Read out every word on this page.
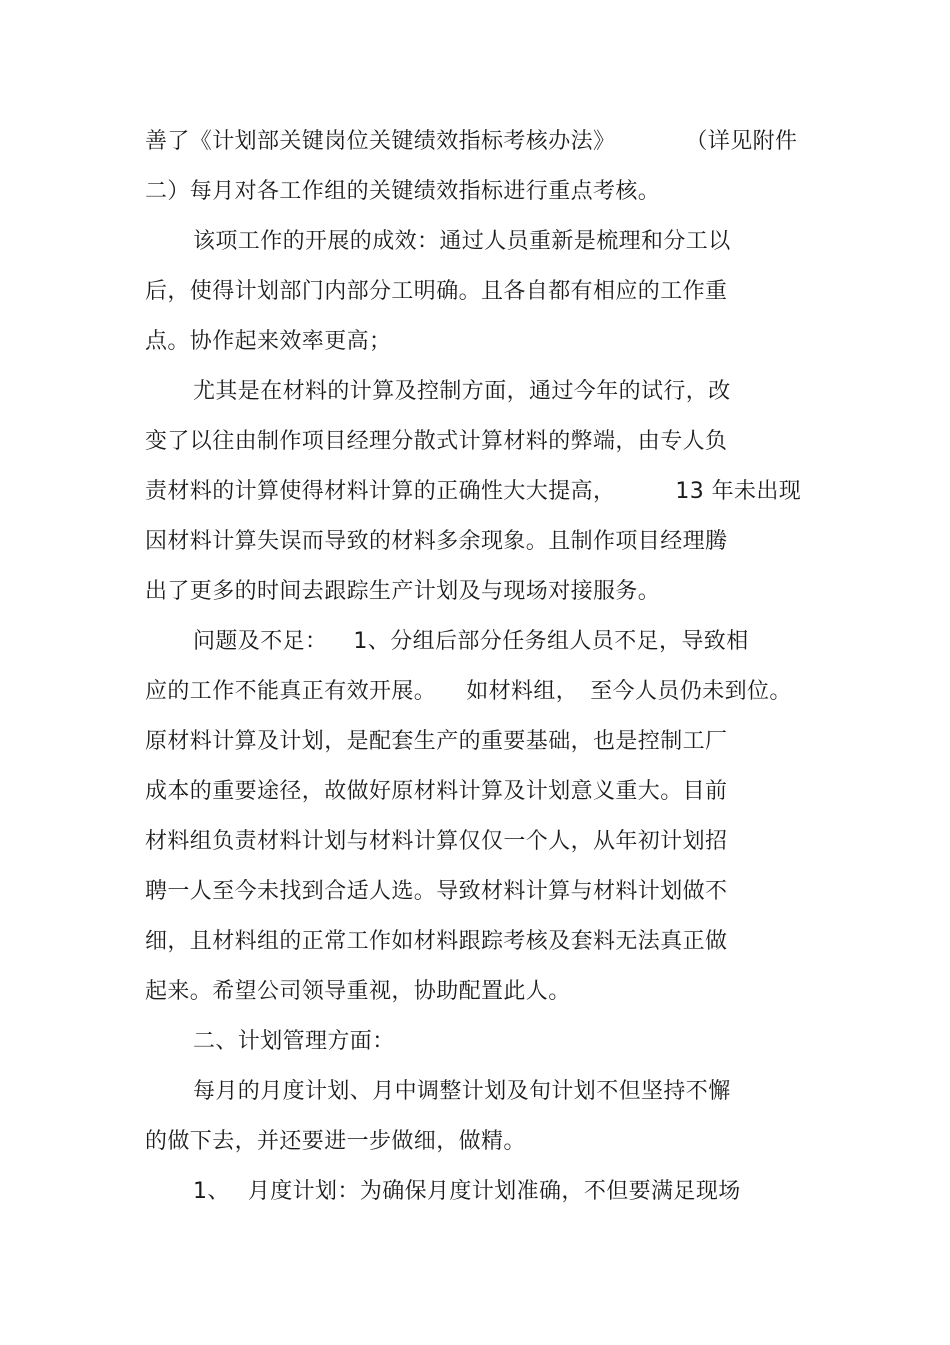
善了《计划部关键岗位关键绩效指标考核办法》	（详见附件
二）每月对各工作组的关键绩效指标进行重点考核。
该项工作的开展的成效：通过人员重新是梳理和分工以
后，使得计划部门内部分工明确。且各自都有相应的工作重
点。协作起来效率更高；
尤其是在材料的计算及控制方面，通过今年的试行，改
变了以往由制作项目经理分散式计算材料的弊端，由专人负
责材料的计算使得材料计算的正确性大大提高，	13 年未出现
因材料计算失误而导致的材料多余现象。且制作项目经理腾
出了更多的时间去跟踪生产计划及与现场对接服务。
问题及不足： 1、分组后部分任务组人员不足，导致相
应的工作不能真正有效开展。 如材料组， 至今人员仍未到位。
原材料计算及计划，是配套生产的重要基础，也是控制工厂
成本的重要途径，故做好原材料计算及计划意义重大。目前
材料组负责材料计划与材料计算仅仅一个人，从年初计划招
聘一人至今未找到合适人选。导致材料计算与材料计划做不
细，且材料组的正常工作如材料跟踪考核及套料无法真正做
起来。希望公司领导重视，协助配置此人。
二、计划管理方面：
每月的月度计划、月中调整计划及旬计划不但坚持不懈
的做下去，并还要进一步做细，做精。
1、 月度计划：为确保月度计划准确，不但要满足现场
